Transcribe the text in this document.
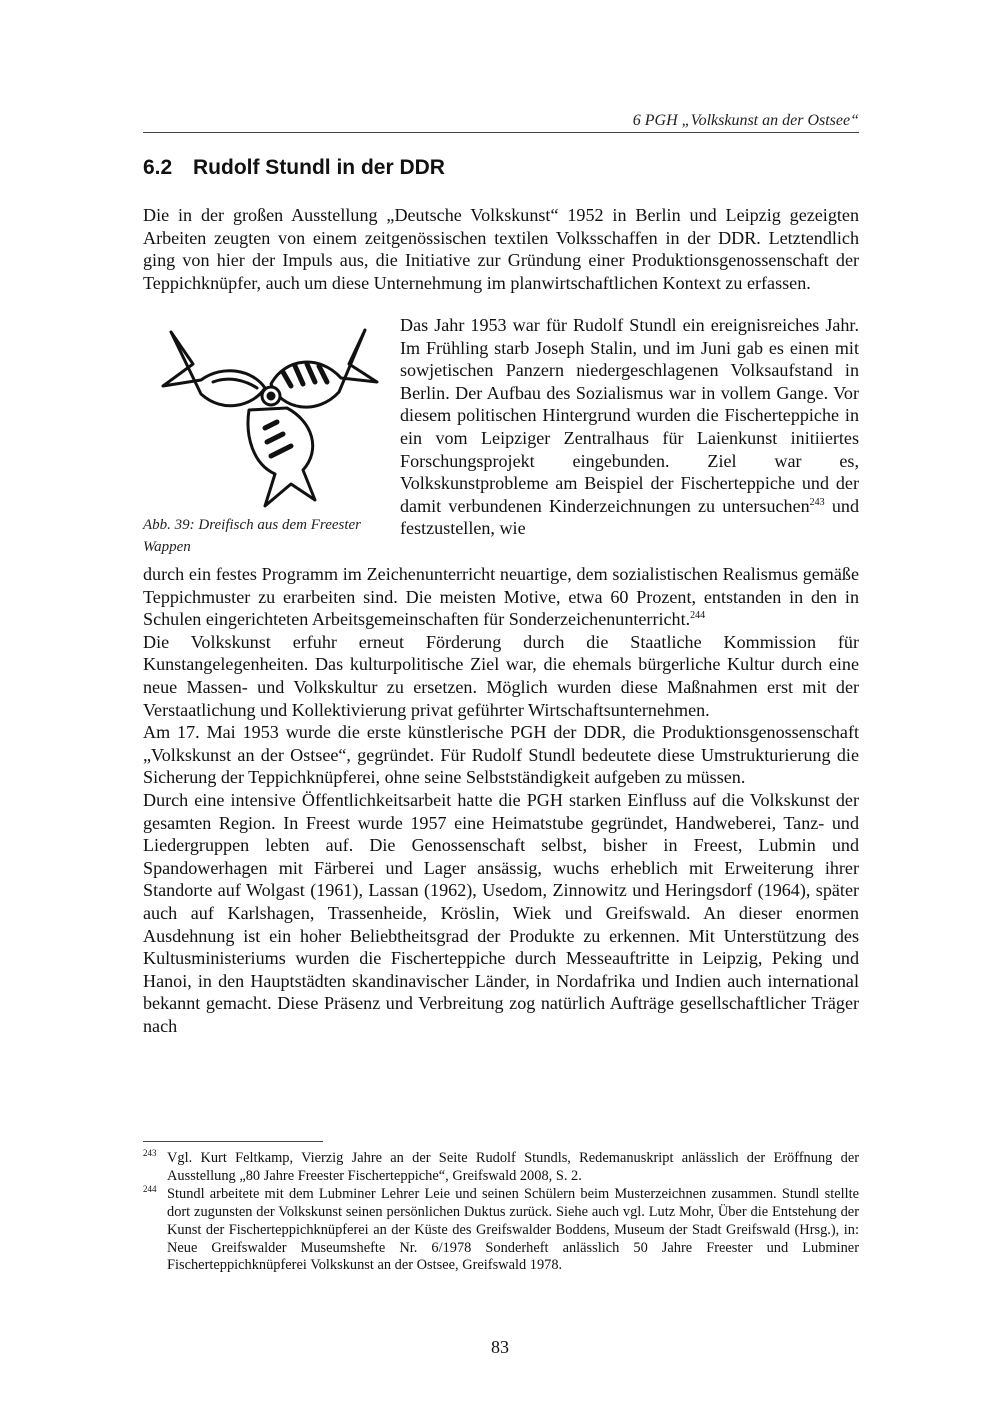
6 PGH „Volkskunst an der Ostsee“
6.2 Rudolf Stundl in der DDR

Die in der großen Ausstellung „Deutsche Volkskunst“ 1952 in Berlin und Leipzig gezeigten Arbeiten zeugten von einem zeitgenössischen textilen Volksschaffen in der DDR. Letztendlich ging von hier der Impuls aus, die Initiative zur Gründung einer Produktionsgenossenschaft der Teppichknüpfer, auch um diese Unternehmung im planwirtschaftlichen Kontext zu erfassen.

Abb. 39: Dreifisch aus dem Freester Wappen

Das Jahr 1953 war für Rudolf Stundl ein ereignisreiches Jahr. Im Frühling starb Joseph Stalin, und im Juni gab es einen mit sowjetischen Panzern niedergeschlagenen Volksaufstand in Berlin. Der Aufbau des Sozialismus war in vollem Gange. Vor diesem politischen Hintergrund wurden die Fischerteppiche in ein vom Leipziger Zentralhaus für Laienkunst initiiertes Forschungsprojekt eingebunden. Ziel war es, Volkskunstprobleme am Beispiel der Fischerteppiche und der damit verbundenen Kinderzeichnungen zu untersuchen$^{243}$ und festzustellen, wie

durch ein festes Programm im Zeichenunterricht neuartige, dem sozialistischen Realismus gemäße Teppichmuster zu erarbeiten sind. Die meisten Motive, etwa 60 Prozent, entstanden in den in Schulen eingerichteten Arbeitsgemeinschaften für Sonderzeichenunterricht.$^{244}$

Die Volkskunst erfuhr erneut Förderung durch die Staatliche Kommission für Kunstangelegenheiten. Das kulturpolitische Ziel war, die ehemals bürgerliche Kultur durch eine neue Massen- und Volkskultur zu ersetzen. Möglich wurden diese Maßnahmen erst mit der Verstaatlichung und Kollektivierung privat geführter Wirtschaftsunternehmen.

Am 17. Mai 1953 wurde die erste künstlerische PGH der DDR, die Produktionsgenossenschaft „Volkskunst an der Ostsee“, gegründet. Für Rudolf Stundl bedeutete diese Umstrukturierung die Sicherung der Teppichknüpferei, ohne seine Selbstständigkeit aufgeben zu müssen.

Durch eine intensive Öffentlichkeitsarbeit hatte die PGH starken Einfluss auf die Volkskunst der gesamten Region. In Freest wurde 1957 eine Heimatstube gegründet, Handweberei, Tanz- und Liedergruppen lebten auf. Die Genossenschaft selbst, bisher in Freest, Lubmin und Spandowerhagen mit Färberei und Lager ansässig, wuchs erheblich mit Erweiterung ihrer Standorte auf Wolgast (1961), Lassan (1962), Usedom, Zinnowitz und Heringsdorf (1964), später auch auf Karlshagen, Trassenheide, Kröslin, Wiek und Greifswald. An dieser enormen Ausdehnung ist ein hoher Beliebtheitsgrad der Produkte zu erkennen. Mit Unterstützung des Kultusministeriums wurden die Fischerteppiche durch Messeauftritte in Leipzig, Peking und Hanoi, in den Hauptstädten skandinavischer Länder, in Nordafrika und Indien auch international bekannt gemacht. Diese Präsenz und Verbreitung zog natürlich Aufträge gesellschaftlicher Träger nach

243 Vgl. Kurt Feltkamp, Vierzig Jahre an der Seite Rudolf Stundls, Redemanuskript anlässlich der Eröffnung der Ausstellung „80 Jahre Freester Fischerteppiche“, Greifswald 2008, S. 2.

244 Stundl arbeitete mit dem Lubminer Lehrer Leie und seinen Schülern beim Musterzeichnen zusammen. Stundl stellte dort zugunsten der Volkskunst seinen persönlichen Duktus zurück. Siehe auch vgl. Lutz Mohr, Über die Entstehung der Kunst der Fischerteppichknüpferei an der Küste des Greifswalder Boddens, Museum der Stadt Greifswald (Hrsg.), in: Neue Greifswalder Museumshefte Nr. 6/1978 Sonderheft anlässlich 50 Jahre Freester und Lubminer Fischerteppichknüpferei Volkskunst an der Ostsee, Greifswald 1978.

83
